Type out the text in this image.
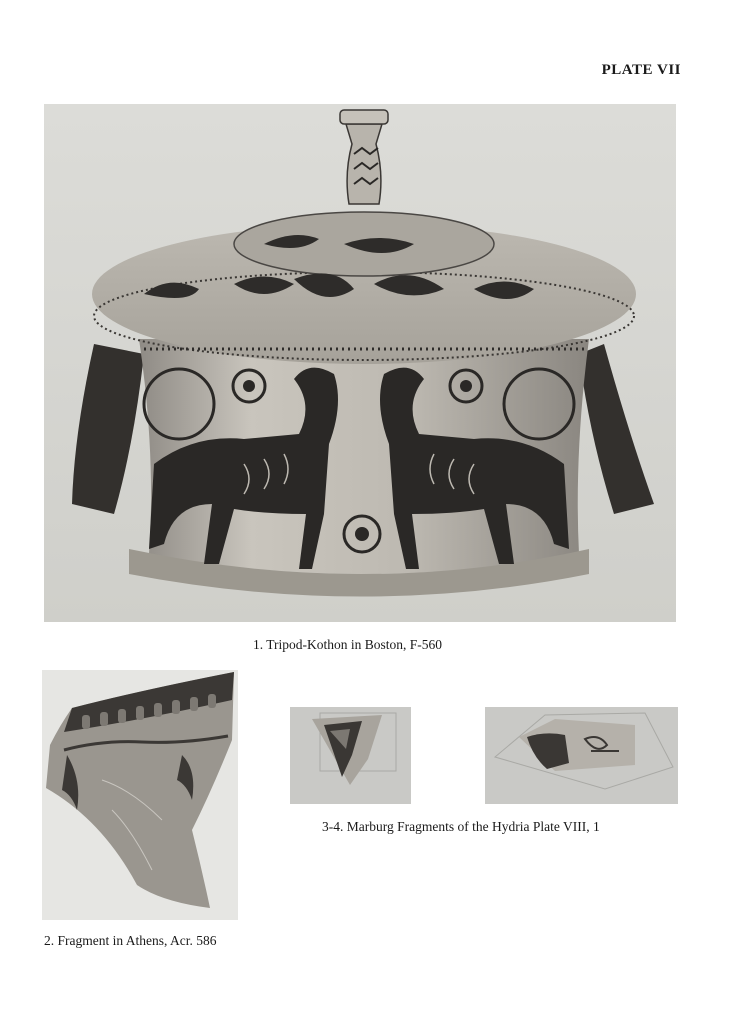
PLATE VII
1. Tripod-Kothon in Boston, F-560
2. Fragment in Athens, Acr. 586
3-4. Marburg Fragments of the Hydria Plate VIII, 1
